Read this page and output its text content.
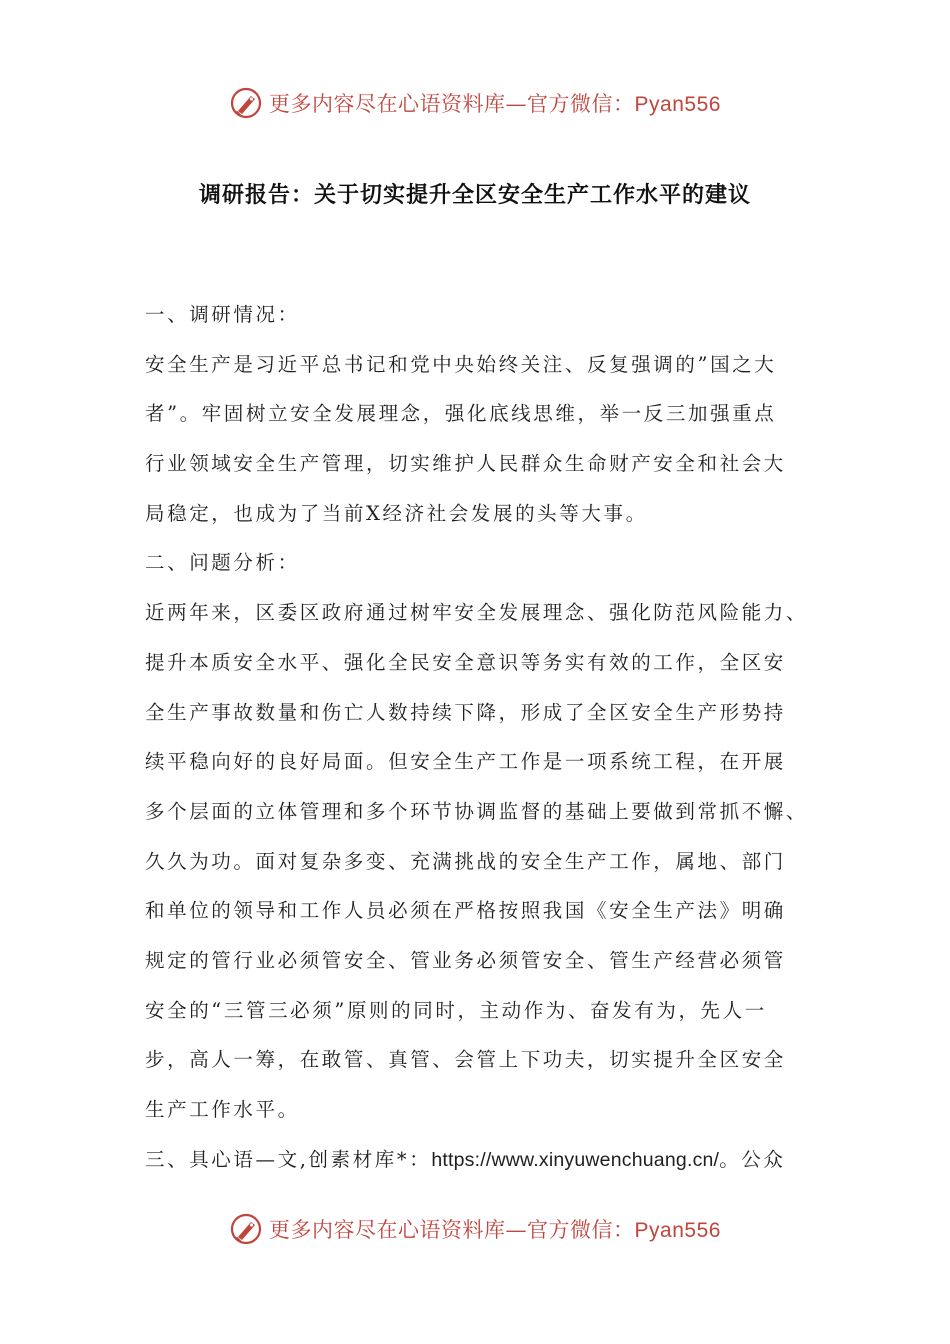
更多内容尽在心语资料库—官方微信：Pyan556
调研报告：关于切实提升全区安全生产工作水平的建议
一、调研情况：
安全生产是习近平总书记和党中央始终关注、反复强调的”国之大
者”。牢固树立安全发展理念，强化底线思维，举一反三加强重点
行业领域安全生产管理，切实维护人民群众生命财产安全和社会大
局稳定，也成为了当前X经济社会发展的头等大事。
二、问题分析：
近两年来，区委区政府通过树牢安全发展理念、强化防范风险能力、
提升本质安全水平、强化全民安全意识等务实有效的工作，全区安
全生产事故数量和伤亡人数持续下降，形成了全区安全生产形势持
续平稳向好的良好局面。但安全生产工作是一项系统工程，在开展
多个层面的立体管理和多个环节协调监督的基础上要做到常抓不懈、
久久为功。面对复杂多变、充满挑战的安全生产工作，属地、部门
和单位的领导和工作人员必须在严格按照我国《安全生产法》明确
规定的管行业必须管安全、管业务必须管安全、管生产经营必须管
安全的“三管三必须”原则的同时，主动作为、奋发有为，先人一
步，高人一筹，在敢管、真管、会管上下功夫，切实提升全区安全
生产工作水平。
三、具心语—文,创素材库*：https://www.xinyuwenchuang.cn/。公众
更多内容尽在心语资料库—官方微信：Pyan556
